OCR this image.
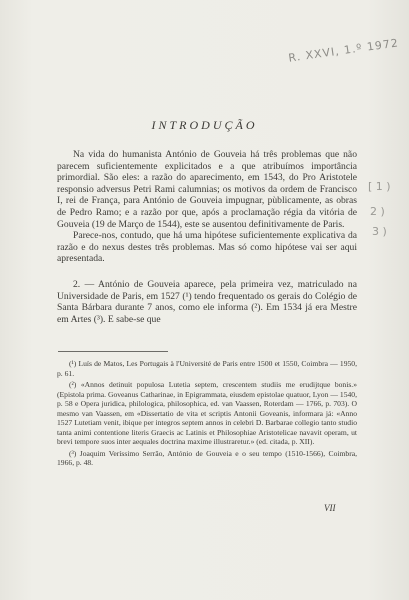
R. XXVI, 1.º 1972
[ 1 )
2 )
3 )
INTRODUÇÃO

Na vida do humanista António de Gouveia há três problemas que não parecem suficientemente explicitados e a que atribuímos importância primordial. São eles: a razão do aparecimento, em 1543, do Pro Aristotele responsio adversus Petri Rami calumnias; os motivos da ordem de Francisco I, rei de França, para António de Gouveia impugnar, pùblicamente, as obras de Pedro Ramo; e a razão por que, após a proclamação régia da vitória de Gouveia (19 de Março de 1544), este se ausentou definitivamente de Paris.

Parece-nos, contudo, que há uma hipótese suficientemente explicativa da razão e do nexus destes três problemas. Mas só como hipótese vai ser aqui apresentada.

2. — António de Gouveia aparece, pela primeira vez, matriculado na Universidade de Paris, em 1527 (¹) tendo frequentado os gerais do Colégio de Santa Bárbara durante 7 anos, como ele informa (²). Em 1534 já era Mestre em Artes (³). E sabe-se que

(¹) Luís de Matos, Les Portugais à l'Université de Paris entre 1500 et 1550, Coimbra — 1950, p. 61.

(²) «Annos detinuit populosa Lutetia septem, crescentem studiis me erudijtque bonis.» (Epistola prima. Goveanus Catharinae, in Epigrammata, eiusdem epistolae quatuor, Lyon — 1540, p. 58 e Opera juridica, philologica, philosophica, ed. van Vaassen, Roterdam — 1766, p. 703). O mesmo van Vaassen, em «Dissertatio de vita et scriptis Antonii Goveanis, informara já: «Anno 1527 Lutetiam venit, ibique per integros septem annos in celebri D. Barbarae collegio tanto studio tanta animi contentione literis Graecis ac Latinis et Philosophiae Aristotelicae navavit operam, ut brevi tempore suos inter aequales doctrina maxime illustraretur.» (ed. citada, p. XII).

(³) Joaquim Veríssimo Serrão, António de Gouveia e o seu tempo (1510-1566), Coimbra, 1966, p. 48.

VII
